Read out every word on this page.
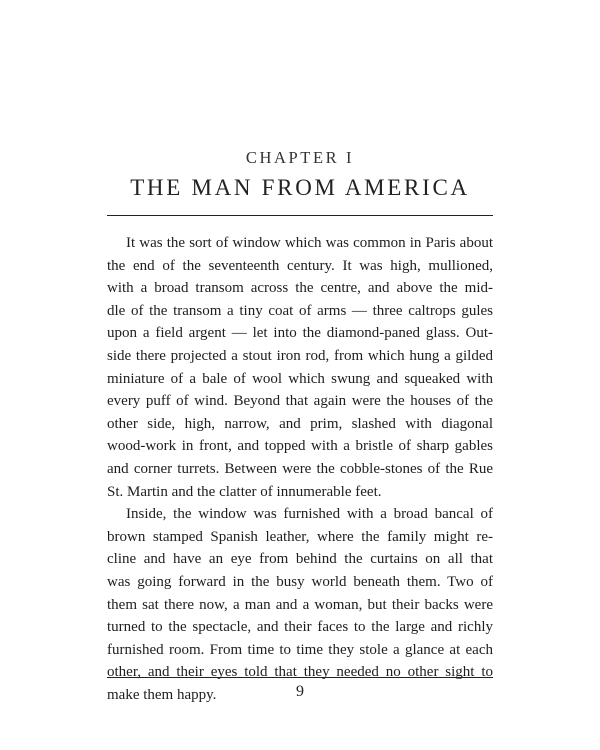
CHAPTER I
THE MAN FROM AMERICA
It was the sort of window which was common in Paris about
the end of the seventeenth century. It was high, mullioned,
with a broad transom across the centre, and above the mid-
dle of the transom a tiny coat of arms — three caltrops gules
upon a field argent — let into the diamond-paned glass. Out-
side there projected a stout iron rod, from which hung a gilded
miniature of a bale of wool which swung and squeaked with
every puff of wind. Beyond that again were the houses of the
other side, high, narrow, and prim, slashed with diagonal
wood-work in front, and topped with a bristle of sharp gables
and corner turrets. Between were the cobble-stones of the Rue
St. Martin and the clatter of innumerable feet.
Inside, the window was furnished with a broad bancal of
brown stamped Spanish leather, where the family might re-
cline and have an eye from behind the curtains on all that
was going forward in the busy world beneath them. Two of
them sat there now, a man and a woman, but their backs were
turned to the spectacle, and their faces to the large and richly
furnished room. From time to time they stole a glance at each
other, and their eyes told that they needed no other sight to
make them happy.	9
